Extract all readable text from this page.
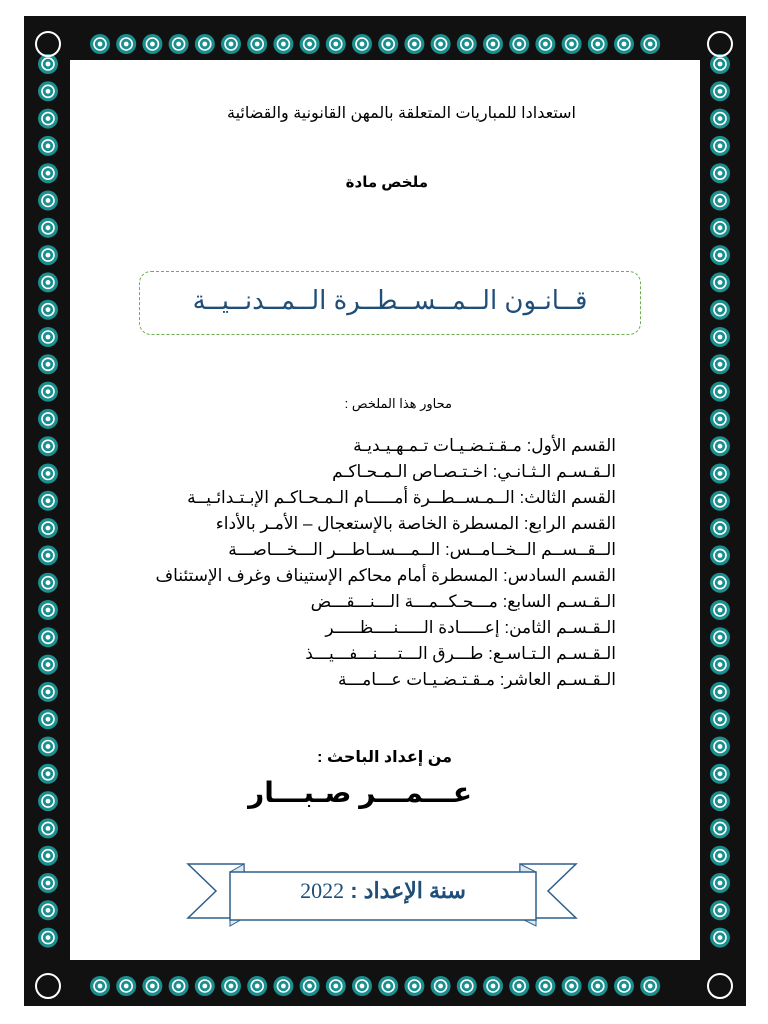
استعدادا للمباريات المتعلقة بالمهن القانونية والقضائية
ملخص مادة
قــانـون الــمــســطــرة الــمــدنــيــة
محاور هذا الملخص :
القسم الأول: مـقـتـضـيـات تـمـهـيـديـة
الـقـسـم الـثـانـي: اخـتـصـاص الـمـحـاكـم
القسم الثالث: الــمـســطــرة أمـــــام الـمـحـاكـم الإبـتـدائـيــة
القسم الرابع: المسطرة الخاصة بالإستعجال – الأمـر بالأداء
الــقــســم الــخــامــس: الــمـــســاطـــر الـــخـــاصـــة
القسم السادس: المسطرة أمام محاكم الإستيناف وغرف الإستئناف
الـقـسـم السابع: مـــحـكــمـــة الـــنـــقـــض
الـقـسـم الثامن: إعـــــادة الـــــنــــظـــــر
الـقـسـم الـتـاسـع: طـــرق الـــتــــنـــفـــيـــذ
الـقـسـم العاشر: مـقـتـضـيـات عـــامـــة
من إعداد الباحث :
عـــمـــر صـبـــار
سنة الإعداد : 2022
